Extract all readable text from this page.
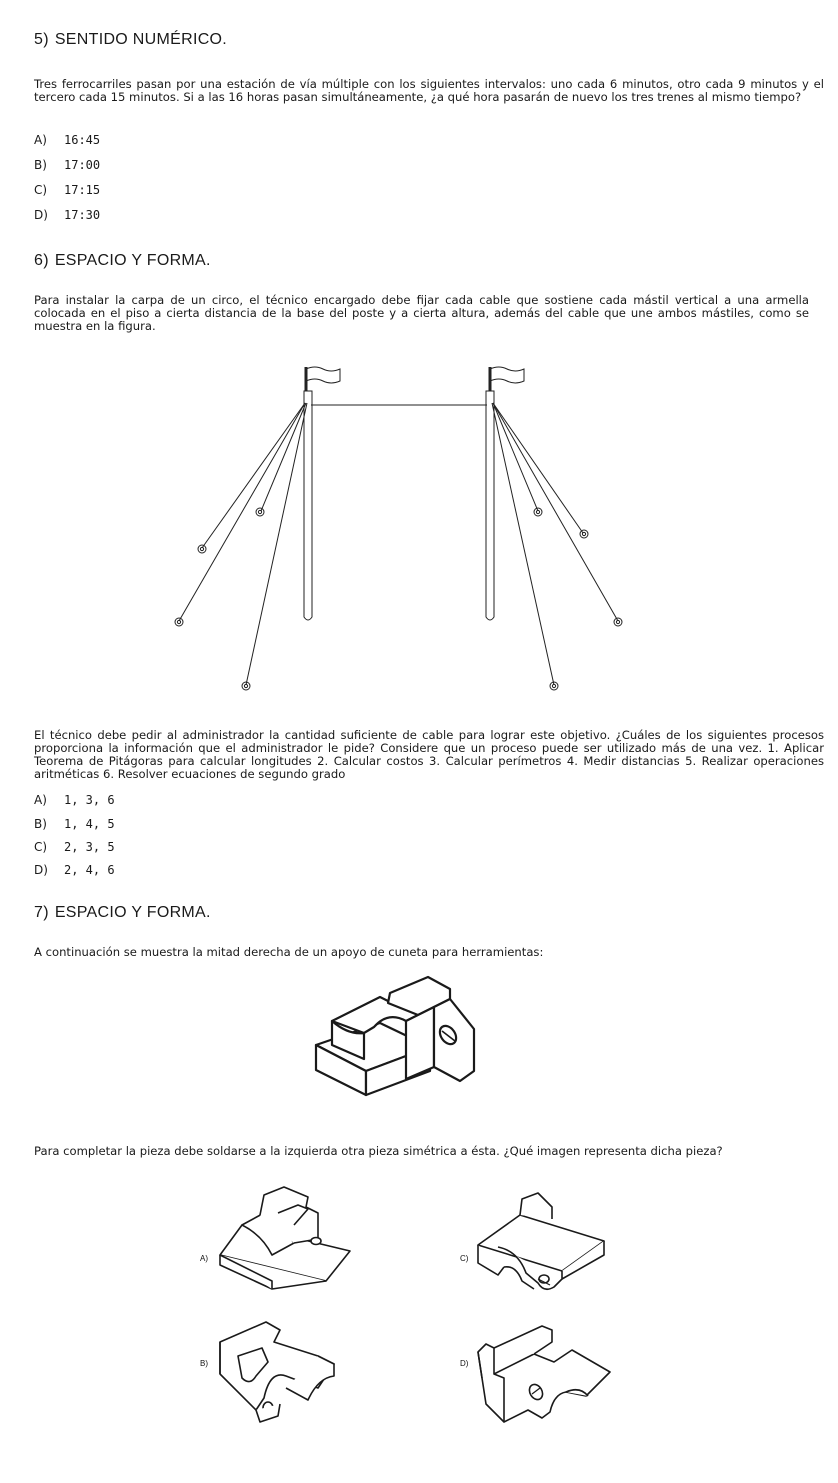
5) SENTIDO NUMÉRICO.
Tres ferrocarriles pasan por una estación de vía múltiple con los siguientes intervalos: uno cada 6 minutos, otro cada 9 minutos y el tercero cada 15 minutos. Si a las 16 horas pasan simultáneamente, ¿a qué hora pasarán de nuevo los tres trenes al mismo tiempo?
A) 16:45
B) 17:00
C) 17:15
D) 17:30
6) ESPACIO Y FORMA.
Para instalar la carpa de un circo, el técnico encargado debe fijar cada cable que sostiene cada mástil vertical a una armella colocada en el piso a cierta distancia de la base del poste y a cierta altura, además del cable que une ambos mástiles, como se muestra en la figura.
El técnico debe pedir al administrador la cantidad suficiente de cable para lograr este objetivo. ¿Cuáles de los siguientes procesos proporciona la información que el administrador le pide? Considere que un proceso puede ser utilizado más de una vez. 1. Aplicar Teorema de Pitágoras para calcular longitudes 2. Calcular costos 3. Calcular perímetros 4. Medir distancias 5. Realizar operaciones aritméticas 6. Resolver ecuaciones de segundo grado
A) 1, 3, 6
B) 1, 4, 5
C) 2, 3, 5
D) 2, 4, 6
7) ESPACIO Y FORMA.
A continuación se muestra la mitad derecha de un apoyo de cuneta para herramientas:
Para completar la pieza debe soldarse a la izquierda otra pieza simétrica a ésta. ¿Qué imagen representa dicha pieza?
A)	C)
B)	D)
